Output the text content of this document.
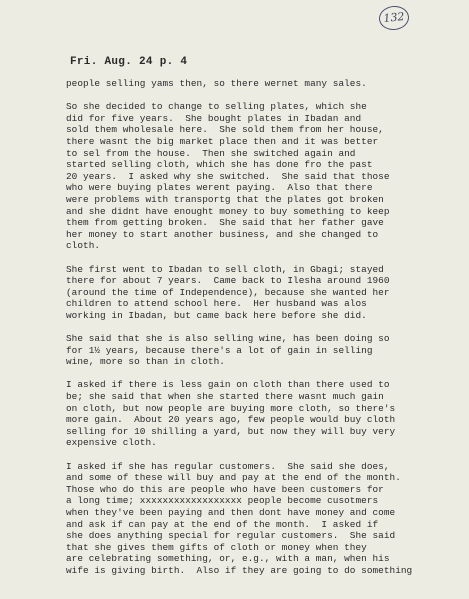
132
Fri. Aug. 24 p. 4
people selling yams then, so there wernet many sales.
So she decided to change to selling plates, which she
did for five years.  She bought plates in Ibadan and
sold them wholesale here.  She sold them from her house,
there wasnt the big market place then and it was better
to sel from the house.  Then she switched again and
started selling cloth, which she has done fro the past
20 years.  I asked why she switched.  She said that those
who were buying plates werent paying.  Also that there
were problems with transportg that the plates got broken
and she didnt have enought money to buy something to keep
them from getting broken.  She said that her father gave
her money to start another business, and she changed to
cloth.
She first went to Ibadan to sell cloth, in Gbagi; stayed
there for about 7 years.  Came back to Ilesha around 1960
(around the time of Independence), because she wanted her
children to attend school here.  Her husband was alos
working in Ibadan, but came back here before she did.
She said that she is also selling wine, has been doing so
for 1½ years, because there's a lot of gain in selling
wine, more so than in cloth.
I asked if there is less gain on cloth than there used to
be; she said that when she started there wasnt much gain
on cloth, but now people are buying more cloth, so there's
more gain.  About 20 years ago, few people would buy cloth
selling for 10 shilling a yard, but now they will buy very
expensive cloth.
I asked if she has regular customers.  She said she does,
and some of these will buy and pay at the end of the month.
Those who do this are people who have been customers for
a long time; xxxxxxxxxxxxxxxxxx people become cusotmers
when they've been paying and then dont have money and come
and ask if can pay at the end of the month.  I asked if
she does anything special for regular customers.  She said
that she gives them gifts of cloth or money when they
are celebrating something, or, e.g., with a man, when his
wife is giving birth.  Also if they are going to do something
